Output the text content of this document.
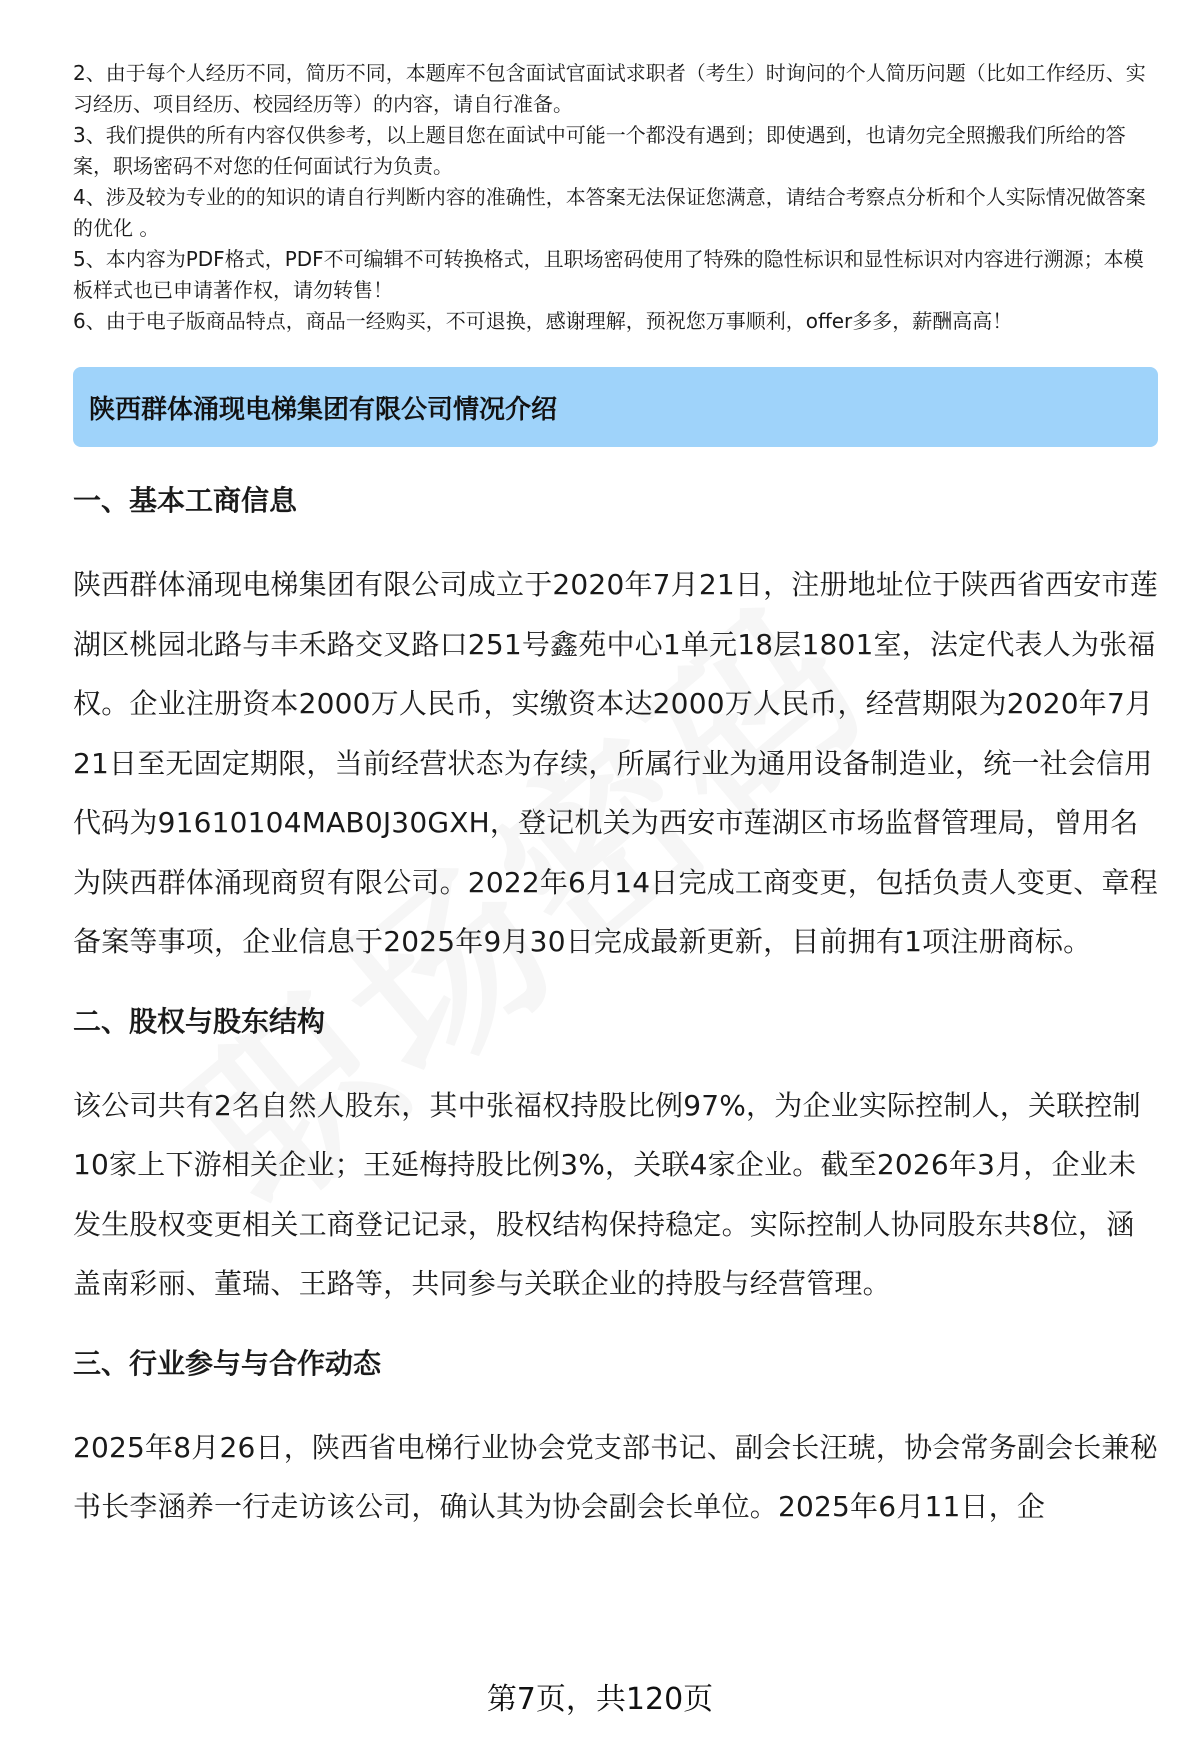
2、由于每个人经历不同，简历不同，本题库不包含面试官面试求职者（考生）时询问的个人简历问题（比如工作经历、实习经历、项目经历、校园经历等）的内容，请自行准备。

3、我们提供的所有内容仅供参考，以上题目您在面试中可能一个都没有遇到；即使遇到，也请勿完全照搬我们所给的答案，职场密码不对您的任何面试行为负责。

4、涉及较为专业的的知识的请自行判断内容的准确性，本答案无法保证您满意，请结合考察点分析和个人实际情况做答案的优化 。

5、本内容为PDF格式，PDF不可编辑不可转换格式，且职场密码使用了特殊的隐性标识和显性标识对内容进行溯源；本模板样式也已申请著作权，请勿转售！

6、由于电子版商品特点，商品一经购买，不可退换，感谢理解，预祝您万事顺利，offer多多，薪酬高高！

陕西群体涌现电梯集团有限公司情况介绍
一、基本工商信息

陕西群体涌现电梯集团有限公司成立于2020年7月21日，注册地址位于陕西省西安市莲湖区桃园北路与丰禾路交叉路口251号鑫苑中心1单元18层1801室，法定代表人为张福权。企业注册资本2000万人民币，实缴资本达2000万人民币，经营期限为2020年7月21日至无固定期限，当前经营状态为存续，所属行业为通用设备制造业，统一社会信用代码为91610104MAB0J30GXH，登记机关为西安市莲湖区市场监督管理局，曾用名为陕西群体涌现商贸有限公司。2022年6月14日完成工商变更，包括负责人变更、章程备案等事项，企业信息于2025年9月30日完成最新更新，目前拥有1项注册商标。

二、股权与股东结构

该公司共有2名自然人股东，其中张福权持股比例97%，为企业实际控制人，关联控制10家上下游相关企业；王延梅持股比例3%，关联4家企业。截至2026年3月，企业未发生股权变更相关工商登记记录，股权结构保持稳定。实际控制人协同股东共8位，涵盖南彩丽、董瑞、王路等，共同参与关联企业的持股与经营管理。

三、行业参与与合作动态

2025年8月26日，陕西省电梯行业协会党支部书记、副会长汪琥，协会常务副会长兼秘书长李涵养一行走访该公司，确认其为协会副会长单位。2025年6月11日，企

第7页，共120页
